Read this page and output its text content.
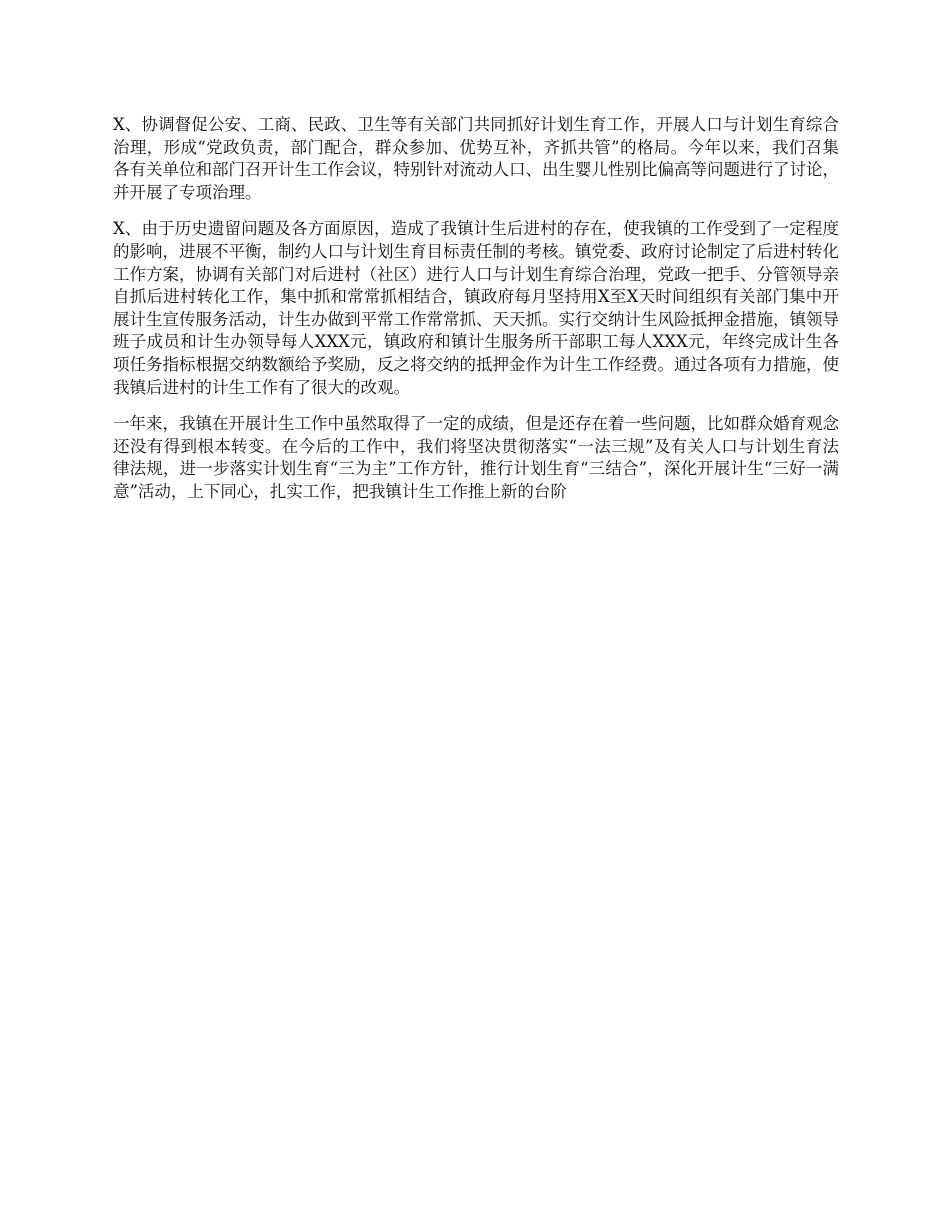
X、协调督促公安、工商、民政、卫生等有关部门共同抓好计划生育工作，开展人口与计划生育综合治理，形成“党政负责，部门配合，群众参加、优势互补，齐抓共管”的格局。今年以来，我们召集各有关单位和部门召开计生工作会议，特别针对流动人口、出生婴儿性别比偏高等问题进行了讨论，并开展了专项治理。

X、由于历史遗留问题及各方面原因，造成了我镇计生后进村的存在，使我镇的工作受到了一定程度的影响，进展不平衡，制约人口与计划生育目标责任制的考核。镇党委、政府讨论制定了后进村转化工作方案，协调有关部门对后进村（社区）进行人口与计划生育综合治理，党政一把手、分管领导亲自抓后进村转化工作，集中抓和常常抓相结合，镇政府每月坚持用X至X天时间组织有关部门集中开展计生宣传服务活动，计生办做到平常工作常常抓、天天抓。实行交纳计生风险抵押金措施，镇领导班子成员和计生办领导每人XXX元，镇政府和镇计生服务所干部职工每人XXX元，年终完成计生各项任务指标根据交纳数额给予奖励，反之将交纳的抵押金作为计生工作经费。通过各项有力措施，使我镇后进村的计生工作有了很大的改观。

一年来，我镇在开展计生工作中虽然取得了一定的成绩，但是还存在着一些问题，比如群众婚育观念还没有得到根本转变。在今后的工作中，我们将坚决贯彻落实“一法三规”及有关人口与计划生育法律法规，进一步落实计划生育“三为主”工作方针，推行计划生育“三结合”，深化开展计生“三好一满意”活动，上下同心，扎实工作，把我镇计生工作推上新的台阶
